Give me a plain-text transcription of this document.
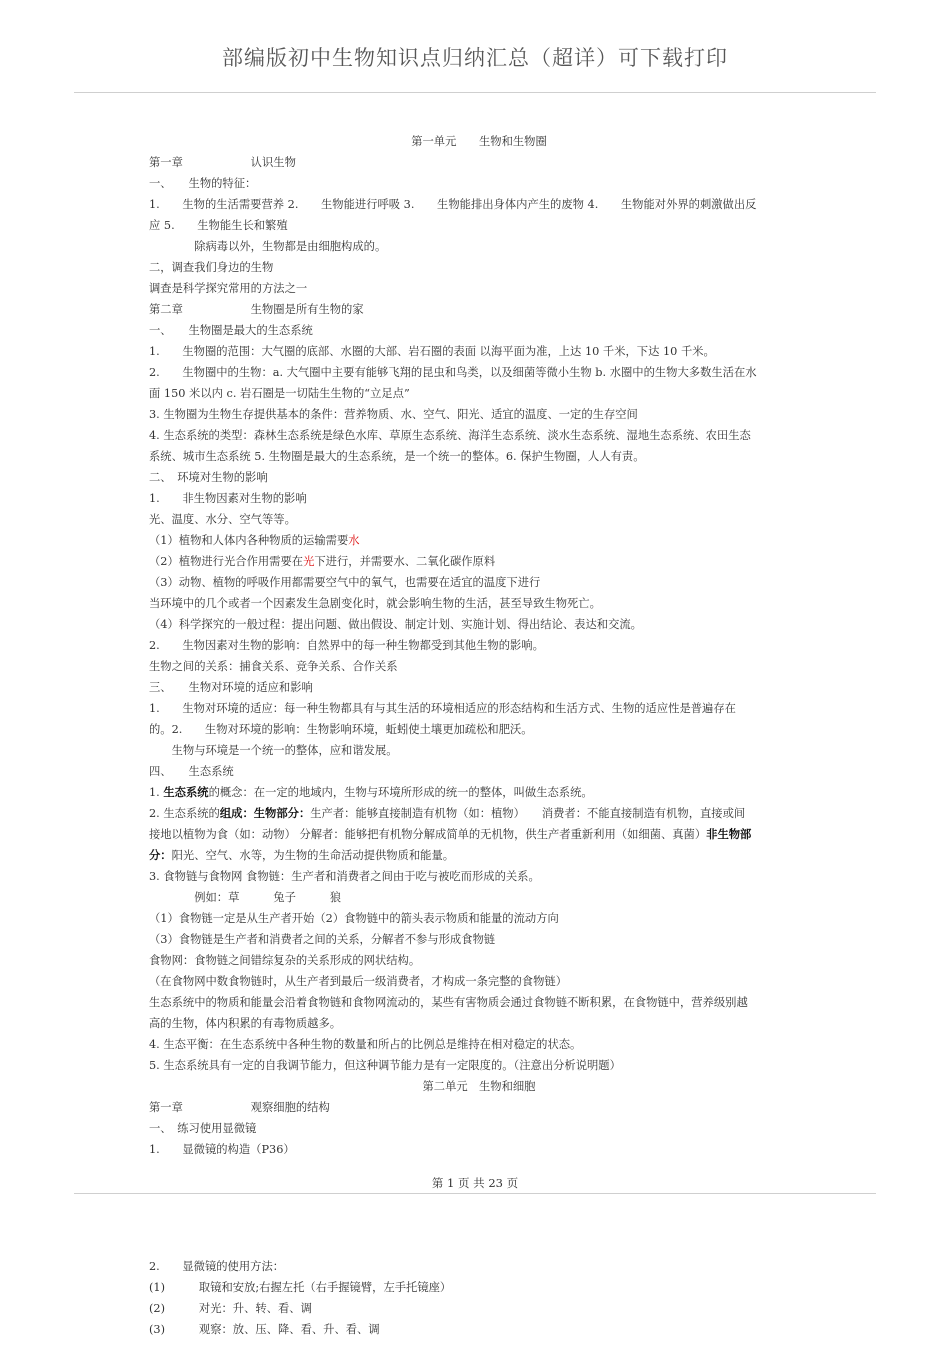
部编版初中生物知识点归纳汇总（超详）可下载打印
第一单元　　生物和生物圈
第一章　　　　　　认识生物
一、　　生物的特征：
1.　　生物的生活需要营养 2.　　生物能进行呼吸 3.　　生物能排出身体内产生的废物 4.　　生物能对外界的刺激做出反
应 5.　　生物能生长和繁殖
　　　　除病毒以外，生物都是由细胞构成的。
二，调查我们身边的生物
调查是科学探究常用的方法之一
第二章　　　　　　生物圈是所有生物的家
一、　　生物圈是最大的生态系统
1.　　生物圈的范围：大气圈的底部、水圈的大部、岩石圈的表面 以海平面为准，上达 10 千米，下达 10 千米。
2.　　生物圈中的生物：a. 大气圈中主要有能够飞翔的昆虫和鸟类，以及细菌等微小生物 b. 水圈中的生物大多数生活在水
面 150 米以内 c. 岩石圈是一切陆生生物的“立足点”
3. 生物圈为生物生存提供基本的条件：营养物质、水、空气、阳光、适宜的温度、一定的生存空间
4. 生态系统的类型：森林生态系统是绿色水库、草原生态系统、海洋生态系统、淡水生态系统、湿地生态系统、农田生态
系统、城市生态系统 5. 生物圈是最大的生态系统，是一个统一的整体。6. 保护生物圈，人人有责。
二、　环境对生物的影响
1.　　非生物因素对生物的影响
光、温度、水分、空气等等。
（1）植物和人体内各种物质的运输需要水
（2）植物进行光合作用需要在光下进行，并需要水、二氧化碳作原料
（3）动物、植物的呼吸作用都需要空气中的氧气，也需要在适宜的温度下进行
当环境中的几个或者一个因素发生急剧变化时，就会影响生物的生活，甚至导致生物死亡。
（4）科学探究的一般过程：提出问题、做出假设、制定计划、实施计划、得出结论、表达和交流。
2.　　生物因素对生物的影响：自然界中的每一种生物都受到其他生物的影响。
生物之间的关系：捕食关系、竞争关系、合作关系
三、　　生物对环境的适应和影响
1.　　生物对环境的适应：每一种生物都具有与其生活的环境相适应的形态结构和生活方式、生物的适应性是普遍存在
的。2.　　生物对环境的影响：生物影响环境，蚯蚓使土壤更加疏松和肥沃。
　　生物与环境是一个统一的整体，应和谐发展。
四、　　生态系统
1. 生态系统的概念：在一定的地域内，生物与环境所形成的统一的整体，叫做生态系统。
2. 生态系统的组成：生物部分：生产者：能够直接制造有机物（如：植物）　　消费者：不能直接制造有机物，直接或间
接地以植物为食（如：动物） 分解者：能够把有机物分解成简单的无机物，供生产者重新利用（如细菌、真菌）非生物部
分：阳光、空气、水等，为生物的生命活动提供物质和能量。
3. 食物链与食物网 食物链：生产者和消费者之间由于吃与被吃而形成的关系。
　　　　例如：草　　　兔子　　　狼
（1）食物链一定是从生产者开始（2）食物链中的箭头表示物质和能量的流动方向
（3）食物链是生产者和消费者之间的关系，分解者不参与形成食物链
食物网：食物链之间错综复杂的关系形成的网状结构。
（在食物网中数食物链时，从生产者到最后一级消费者，才构成一条完整的食物链）
生态系统中的物质和能量会沿着食物链和食物网流动的，某些有害物质会通过食物链不断积累，在食物链中，营养级别越
高的生物，体内积累的有毒物质越多。
4. 生态平衡：在生态系统中各种生物的数量和所占的比例总是维持在相对稳定的状态。
5. 生态系统具有一定的自我调节能力，但这种调节能力是有一定限度的。（注意出分析说明题）
第二单元　生物和细胞
第一章　　　　　　观察细胞的结构
一、　练习使用显微镜
1.　　显微镜的构造（P36）
第 1 页 共 23 页
2.　　显微镜的使用方法：
(1)　　　取镜和安放;右握左托（右手握镜臂，左手托镜座）
(2)　　　对光：升、转、看、调
(3)　　　观察：放、压、降、看、升、看、调
